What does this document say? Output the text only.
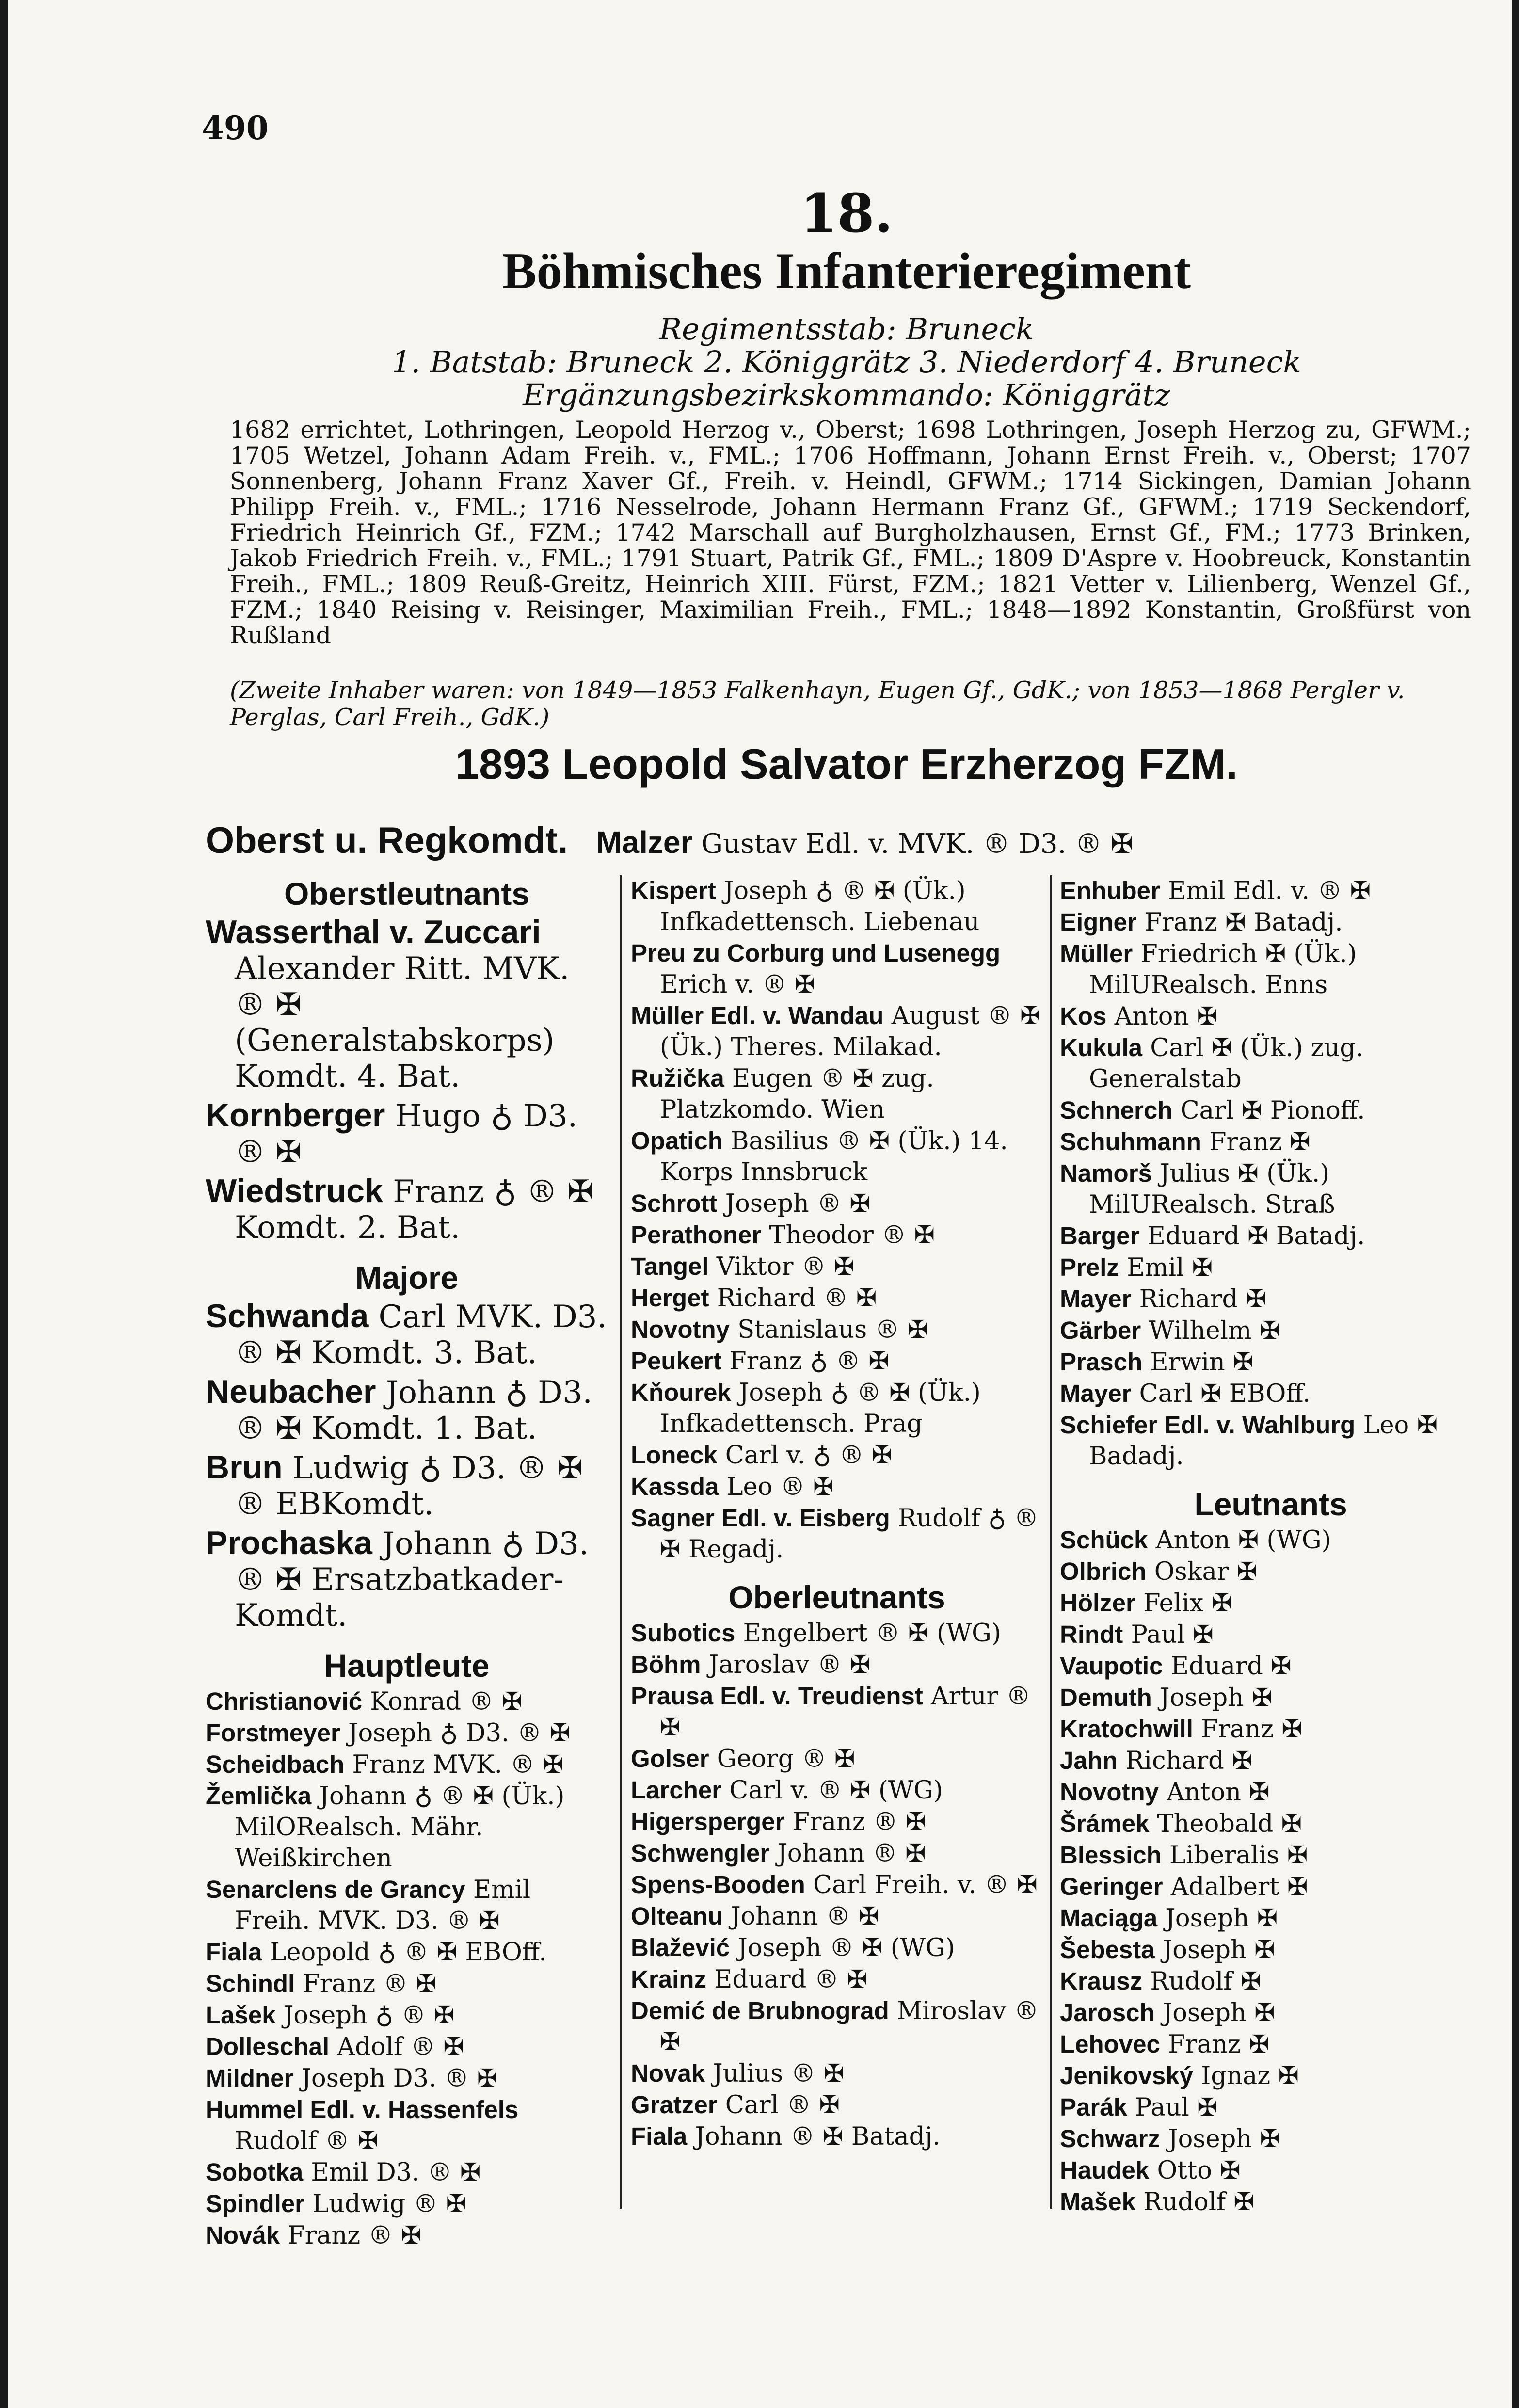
490
18.
Böhmisches Infanterieregiment
Regimentsstab: Bruneck
1. Batstab: Bruneck 2. Königgrätz 3. Niederdorf 4. Bruneck
Ergänzungsbezirkskommando: Königgrätz
1682 errichtet, Lothringen, Leopold Herzog v., Oberst; 1698 Lothringen, Joseph Herzog zu, GFWM.; 1705 Wetzel, Johann Adam Freih. v., FML.; 1706 Hoffmann, Johann Ernst Freih. v., Oberst; 1707 Sonnenberg, Johann Franz Xaver Gf., Freih. v. Heindl, GFWM.; 1714 Sickingen, Damian Johann Philipp Freih. v., FML.; 1716 Nesselrode, Johann Hermann Franz Gf., GFWM.; 1719 Seckendorf, Friedrich Heinrich Gf., FZM.; 1742 Marschall auf Burgholzhausen, Ernst Gf., FM.; 1773 Brinken, Jakob Friedrich Freih. v., FML.; 1791 Stuart, Patrik Gf., FML.; 1809 D'Aspre v. Hoobreuck, Konstantin Freih., FML.; 1809 Reuß-Greitz, Heinrich XIII. Fürst, FZM.; 1821 Vetter v. Lilienberg, Wenzel Gf., FZM.; 1840 Reising v. Reisinger, Maximilian Freih., FML.; 1848—1892 Konstantin, Großfürst von Rußland
(Zweite Inhaber waren: von 1849—1853 Falkenhayn, Eugen Gf., GdK.; von 1853—1868 Pergler v. Perglas, Carl Freih., GdK.)
1893 Leopold Salvator Erzherzog FZM.
Oberst u. Regkomdt. Malzer Gustav Edl. v. MVK. ® D3. ® ✠
Oberstleutnants

Wasserthal v. Zuccari Alexander Ritt. MVK. ® ✠ (Generalstabskorps) Komdt. 4. Bat.

Kornberger Hugo ♁ D3. ® ✠

Wiedstruck Franz ♁ ® ✠ Komdt. 2. Bat.

Majore

Schwanda Carl MVK. D3. ® ✠ Komdt. 3. Bat.

Neubacher Johann ♁ D3. ® ✠ Komdt. 1. Bat.

Brun Ludwig ♁ D3. ® ✠ ® EBKomdt.

Prochaska Johann ♁ D3. ® ✠ Ersatzbatkader-Komdt.

Hauptleute

Christianović Konrad ® ✠

Forstmeyer Joseph ♁ D3. ® ✠

Scheidbach Franz MVK. ® ✠

Žemlička Johann ♁ ® ✠ (Ük.) MilORealsch. Mähr. Weißkirchen

Senarclens de Grancy Emil Freih. MVK. D3. ® ✠

Fiala Leopold ♁ ® ✠ EBOff.

Schindl Franz ® ✠

Lašek Joseph ♁ ® ✠

Dolleschal Adolf ® ✠

Mildner Joseph D3. ® ✠

Hummel Edl. v. Hassenfels Rudolf ® ✠

Sobotka Emil D3. ® ✠

Spindler Ludwig ® ✠

Novák Franz ® ✠

Kispert Joseph ♁ ® ✠ (Ük.) Infkadettensch. Liebenau

Preu zu Corburg und Lusenegg Erich v. ® ✠

Müller Edl. v. Wandau August ® ✠ (Ük.) Theres. Milakad.

Ružička Eugen ® ✠ zug. Platzkomdo. Wien

Opatich Basilius ® ✠ (Ük.) 14. Korps Innsbruck

Schrott Joseph ® ✠

Perathoner Theodor ® ✠

Tangel Viktor ® ✠

Herget Richard ® ✠

Novotny Stanislaus ® ✠

Peukert Franz ♁ ® ✠

Kňourek Joseph ♁ ® ✠ (Ük.) Infkadettensch. Prag

Loneck Carl v. ♁ ® ✠

Kassda Leo ® ✠

Sagner Edl. v. Eisberg Rudolf ♁ ® ✠ Regadj.

Oberleutnants

Subotics Engelbert ® ✠ (WG)

Böhm Jaroslav ® ✠

Prausa Edl. v. Treudienst Artur ® ✠

Golser Georg ® ✠

Larcher Carl v. ® ✠ (WG)

Higersperger Franz ® ✠

Schwengler Johann ® ✠

Spens-Booden Carl Freih. v. ® ✠

Olteanu Johann ® ✠

Blažević Joseph ® ✠ (WG)

Krainz Eduard ® ✠

Demić de Brubnograd Miroslav ® ✠

Novak Julius ® ✠

Gratzer Carl ® ✠

Fiala Johann ® ✠ Batadj.

Enhuber Emil Edl. v. ® ✠

Eigner Franz ✠ Batadj.

Müller Friedrich ✠ (Ük.) MilURealsch. Enns

Kos Anton ✠

Kukula Carl ✠ (Ük.) zug. Generalstab

Schnerch Carl ✠ Pionoff.

Schuhmann Franz ✠

Namorš Julius ✠ (Ük.) MilURealsch. Straß

Barger Eduard ✠ Batadj.

Prelz Emil ✠

Mayer Richard ✠

Gärber Wilhelm ✠

Prasch Erwin ✠

Mayer Carl ✠ EBOff.

Schiefer Edl. v. Wahlburg Leo ✠ Badadj.

Leutnants

Schück Anton ✠ (WG)

Olbrich Oskar ✠

Hölzer Felix ✠

Rindt Paul ✠

Vaupotic Eduard ✠

Demuth Joseph ✠

Kratochwill Franz ✠

Jahn Richard ✠

Novotny Anton ✠

Šrámek Theobald ✠

Blessich Liberalis ✠

Geringer Adalbert ✠

Maciąga Joseph ✠

Šebesta Joseph ✠

Krausz Rudolf ✠

Jarosch Joseph ✠

Lehovec Franz ✠

Jenikovský Ignaz ✠

Parák Paul ✠

Schwarz Joseph ✠

Haudek Otto ✠

Mašek Rudolf ✠
